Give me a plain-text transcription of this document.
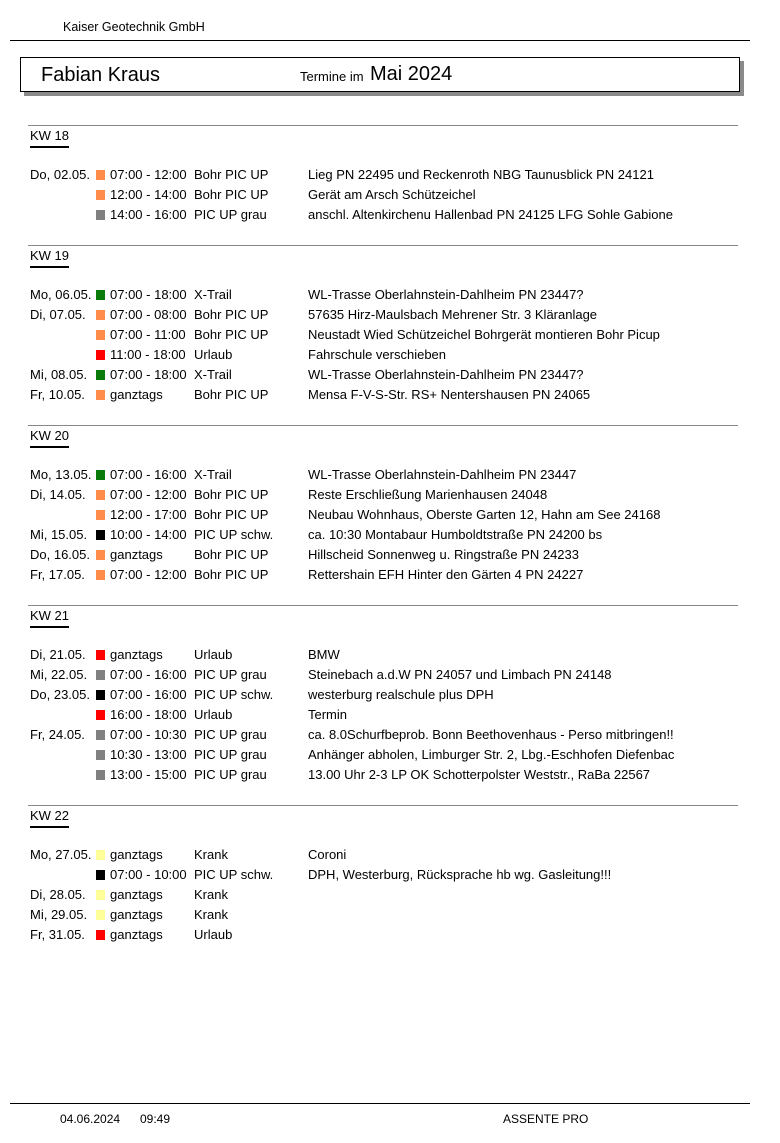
Kaiser Geotechnik GmbH
Fabian Kraus	Termine im Mai 2024
KW 18
Do, 02.05.	07:00 - 12:00 Bohr PIC UP	Lieg PN 22495 und Reckenroth NBG Taunusblick PN 24121
12:00 - 14:00 Bohr PIC UP	Gerät am Arsch Schützeichel
14:00 - 16:00 PIC UP grau	anschl. Altenkirchenu Hallenbad PN 24125 LFG Sohle Gabione
KW 19
Mo, 06.05. 07:00 - 18:00 X-Trail	WL-Trasse Oberlahnstein-Dahlheim PN 23447?
Di, 07.05.	07:00 - 08:00 Bohr PIC UP	57635 Hirz-Maulsbach Mehrener Str. 3 Kläranlage
07:00 - 11:00 Bohr PIC UP	Neustadt Wied Schützeichel Bohrgerät montieren Bohr Picup
11:00 - 18:00 Urlaub	Fahrschule verschieben
Mi, 08.05.	07:00 - 18:00 X-Trail	WL-Trasse Oberlahnstein-Dahlheim PN 23447?
Fr, 10.05.	ganztags Bohr PIC UP	Mensa F-V-S-Str. RS+ Nentershausen PN 24065
KW 20
Mo, 13.05. 07:00 - 16:00 X-Trail	WL-Trasse Oberlahnstein-Dahlheim PN 23447
Di, 14.05.	07:00 - 12:00 Bohr PIC UP	Reste Erschließung Marienhausen 24048
12:00 - 17:00 Bohr PIC UP	Neubau Wohnhaus, Oberste Garten 12, Hahn am See 24168
Mi, 15.05.	10:00 - 14:00 PIC UP schw.	ca. 10:30 Montabaur Humboldtstraße PN 24200 bs
Do, 16.05.	ganztags Bohr PIC UP	Hillscheid Sonnenweg u. Ringstraße PN 24233
Fr, 17.05.	07:00 - 12:00 Bohr PIC UP	Rettershain EFH Hinter den Gärten 4 PN 24227
KW 21
Di, 21.05.	ganztags Urlaub	BMW
Mi, 22.05.	07:00 - 16:00 PIC UP grau	Steinebach a.d.W PN 24057 und Limbach PN 24148
Do, 23.05.	07:00 - 16:00 PIC UP schw.	westerburg realschule plus DPH
16:00 - 18:00 Urlaub	Termin
Fr, 24.05.	07:00 - 10:30 PIC UP grau	ca. 8.0Schurfbeprob. Bonn Beethovenhaus - Perso mitbringen!!
10:30 - 13:00 PIC UP grau	Anhänger abholen, Limburger Str. 2, Lbg.-Eschhofen Diefenbac
13:00 - 15:00 PIC UP grau	13.00 Uhr 2-3 LP OK Schotterpolster Weststr., RaBa 22567
KW 22
Mo, 27.05. ganztags Krank	Coroni
07:00 - 10:00 PIC UP schw.	DPH, Westerburg, Rücksprache hb wg. Gasleitung!!!
Di, 28.05.	ganztags Krank
Mi, 29.05.	ganztags Krank
Fr, 31.05.	ganztags Urlaub
04.06.2024 09:49	ASSENTE PRO
